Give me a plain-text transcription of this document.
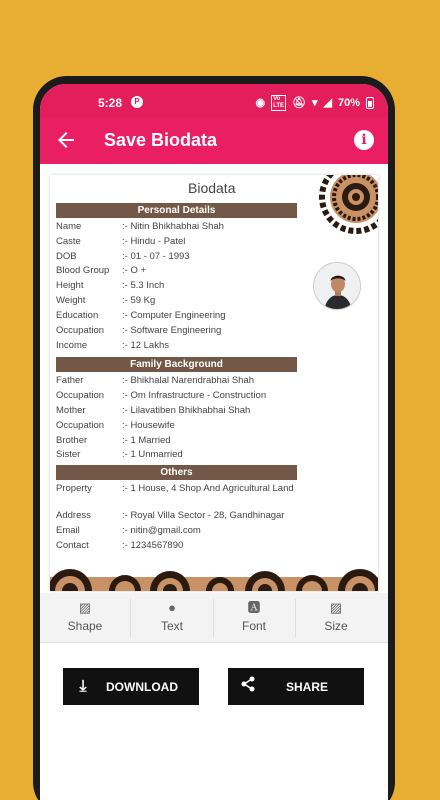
5:28	P	◉	Vo
LTE 🔕︎ ▾ ◢ 70%
Save Biodata	i
Biodata
Personal Details
Name	:- Nitin Bhikhabhai Shah
Caste	:- Hindu - Patel
DOB	:- 01 - 07 - 1993
Blood Group	:- O +
Height	:- 5.3 Inch
Weight	:- 59 Kg
Education	:- Computer Engineering
Occupation	:- Software Engineering
Income	:- 12 Lakhs
Family Background
Father	:- Bhikhalal Narendrabhai Shah
Occupation	:- Om Infrastructure - Construction
Mother	:- Lilavatiben Bhikhabhai Shah
Occupation	:- Housewife
Brother	:- 1 Married
Sister	:- 1 Unmarried
Others
Property	:- 1 House, 4 Shop And Agricultural Land
Address	:- Royal Villa Sector - 28, Gandhinagar
Email	:- nitin@gmail.com
Contact	:- 1234567890
▨
Shape
●
Text
🅰︎
Font
▨
Size
⤓	DOWNLOAD	SHARE
